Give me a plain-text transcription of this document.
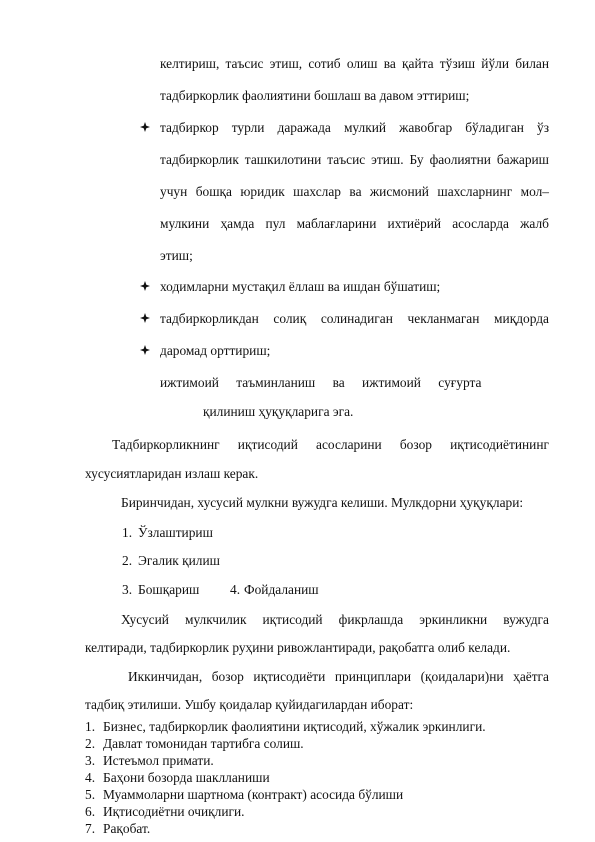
келтириш, таъсис этиш, сотиб олиш ва қайта тўзиш йўли билан
тадбиркорлик фаолиятини бошлаш ва давом эттириш;
тадбиркор турли даражада мулкий жавобгар бўладиган ўз
тадбиркорлик ташкилотини таъсис этиш. Бу фаолиятни бажариш
учун бошқа юридик шахслар ва жисмоний шахсларнинг мол–
мулкини ҳамда пул маблағларини ихтиёрий асосларда жалб
этиш;
ходимларни мустақил ёллаш ва ишдан бўшатиш;
тадбиркорликдан солиқ солинадиган чекланмаган миқдорда
даромад орттириш;
ижтимоий таъминланиш ва ижтимоий суғурта
қилиниш ҳуқуқларига эга.
Тадбиркорликнинг иқтисодий асосларини бозор иқтисодиётининг
хусусиятларидан излаш керак.
Биринчидан, хусусий мулкни вужудга келиши. Мулкдорни ҳуқуқлари:
1. Ўзлаштириш
2. Эгалик қилиш
3. Бошқариш 4. Фойдаланиш
Хусусий мулкчилик иқтисодий фикрлашда эркинликни вужудга
келтиради, тадбиркорлик руҳини ривожлантиради, рақобатга олиб келади.
Иккинчидан, бозор иқтисодиёти принциплари (қоидалари)ни ҳаётга
тадбиқ этилиши. Ушбу қоидалар қуйидагилардан иборат:
1. Бизнес, тадбиркорлик фаолиятини иқтисодий, хўжалик эркинлиги.
2. Давлат томонидан тартибга солиш.
3. Истеъмол примати.
4. Баҳони бозорда шаклланиши
5. Муаммоларни шартнома (контракт) асосида бўлиши
6. Иқтисодиётни очиқлиги.
7. Рақобат.
